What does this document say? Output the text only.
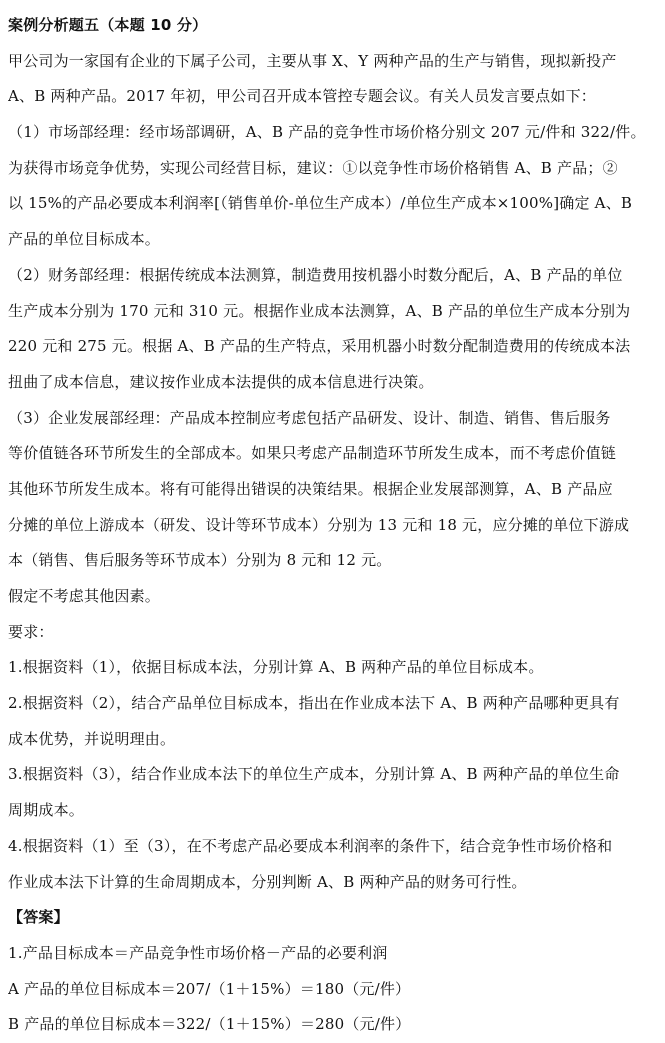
案例分析题五（本题 10 分）
甲公司为一家国有企业的下属子公司，主要从事 X、Y 两种产品的生产与销售，现拟新投产
A、B 两种产品。2017 年初，甲公司召开成本管控专题会议。有关人员发言要点如下：
（1）市场部经理：经市场部调研，A、B 产品的竞争性市场价格分别文 207 元/件和 322/件。
为获得市场竞争优势，实现公司经营目标，建议：①以竞争性市场价格销售 A、B 产品；②
以 15%的产品必要成本利润率[（销售单价-单位生产成本）/单位生产成本×100%]确定 A、B
产品的单位目标成本。
（2）财务部经理：根据传统成本法测算，制造费用按机器小时数分配后，A、B 产品的单位
生产成本分别为 170 元和 310 元。根据作业成本法测算，A、B 产品的单位生产成本分别为
220 元和 275 元。根据 A、B 产品的生产特点，采用机器小时数分配制造费用的传统成本法
扭曲了成本信息，建议按作业成本法提供的成本信息进行决策。
（3）企业发展部经理：产品成本控制应考虑包括产品研发、设计、制造、销售、售后服务
等价值链各环节所发生的全部成本。如果只考虑产品制造环节所发生成本，而不考虑价值链
其他环节所发生成本。将有可能得出错误的决策结果。根据企业发展部测算，A、B 产品应
分摊的单位上游成本（研发、设计等环节成本）分别为 13 元和 18 元，应分摊的单位下游成
本（销售、售后服务等环节成本）分别为 8 元和 12 元。
假定不考虑其他因素。
要求：
1.根据资料（1），依据目标成本法，分别计算 A、B 两种产品的单位目标成本。
2.根据资料（2），结合产品单位目标成本，指出在作业成本法下 A、B 两种产品哪种更具有
成本优势，并说明理由。
3.根据资料（3），结合作业成本法下的单位生产成本，分别计算 A、B 两种产品的单位生命
周期成本。
4.根据资料（1）至（3），在不考虑产品必要成本利润率的条件下，结合竞争性市场价格和
作业成本法下计算的生命周期成本，分别判断 A、B 两种产品的财务可行性。
【答案】
1.产品目标成本＝产品竞争性市场价格－产品的必要利润
A 产品的单位目标成本＝207/（1＋15%）＝180（元/件）
B 产品的单位目标成本＝322/（1＋15%）＝280（元/件）
